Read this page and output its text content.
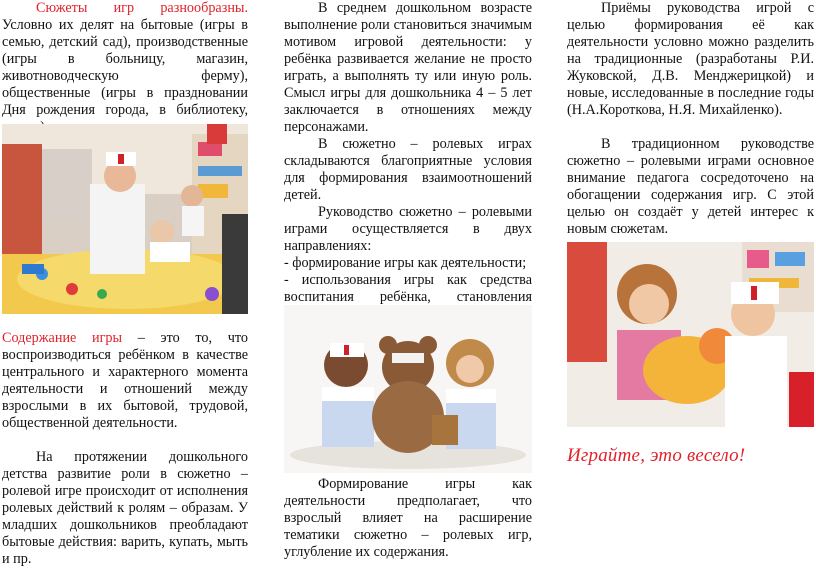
Сюжеты игр разнообразны. Условно их делят на бытовые (игры в семью, детский сад), производственные (игры в больницу, магазин, животноводческую ферму), общественные (игры в праздновании Дня рождения города, в библиотеку,

Содержание игры – это то, что воспроизводиться ребёнком в качестве центрального и характерного момента деятельности и отношений между взрослыми в их бытовой, трудовой, общественной деятельности.

На протяжении дошкольного детства развитие роли в сюжетно – ролевой игре происходит от исполнения ролевых действий к ролям – образам. У младших дошкольников преобладают бытовые действия: варить, купать, мыть и пр.

В среднем дошкольном возрасте выполнение роли становиться значимым мотивом игровой деятельности: у ребёнка развивается желание не просто играть, а выполнять ту или иную роль. Смысл игры для дошкольника 4 – 5 лет заключается в отношениях между персонажами.

В сюжетно – ролевых играх складываются благоприятные условия для формирования взаимоотношений детей.

Руководство сюжетно – ролевыми играми осуществляется в двух направлениях:

- формирование игры как деятельности;

- использования игры как средства воспитания ребёнка, становления

Формирование игры как деятельности предполагает, что взрослый влияет на расширение тематики сюжетно – ролевых игр, углубление их содержания.

Приёмы руководства игрой с целью формирования её как деятельности условно можно разделить на традиционные (разработаны Р.И. Жуковской, Д.В. Менджерицкой) и новые, исследованные в последние годы (Н.А.Короткова, Н.Я. Михайленко).

В традиционном руководстве сюжетно – ролевыми играми основное внимание педагога сосредоточено на обогащении содержания игр. С этой целью он создаёт у детей интерес к новым сюжетам.

Играйте, это весело!
